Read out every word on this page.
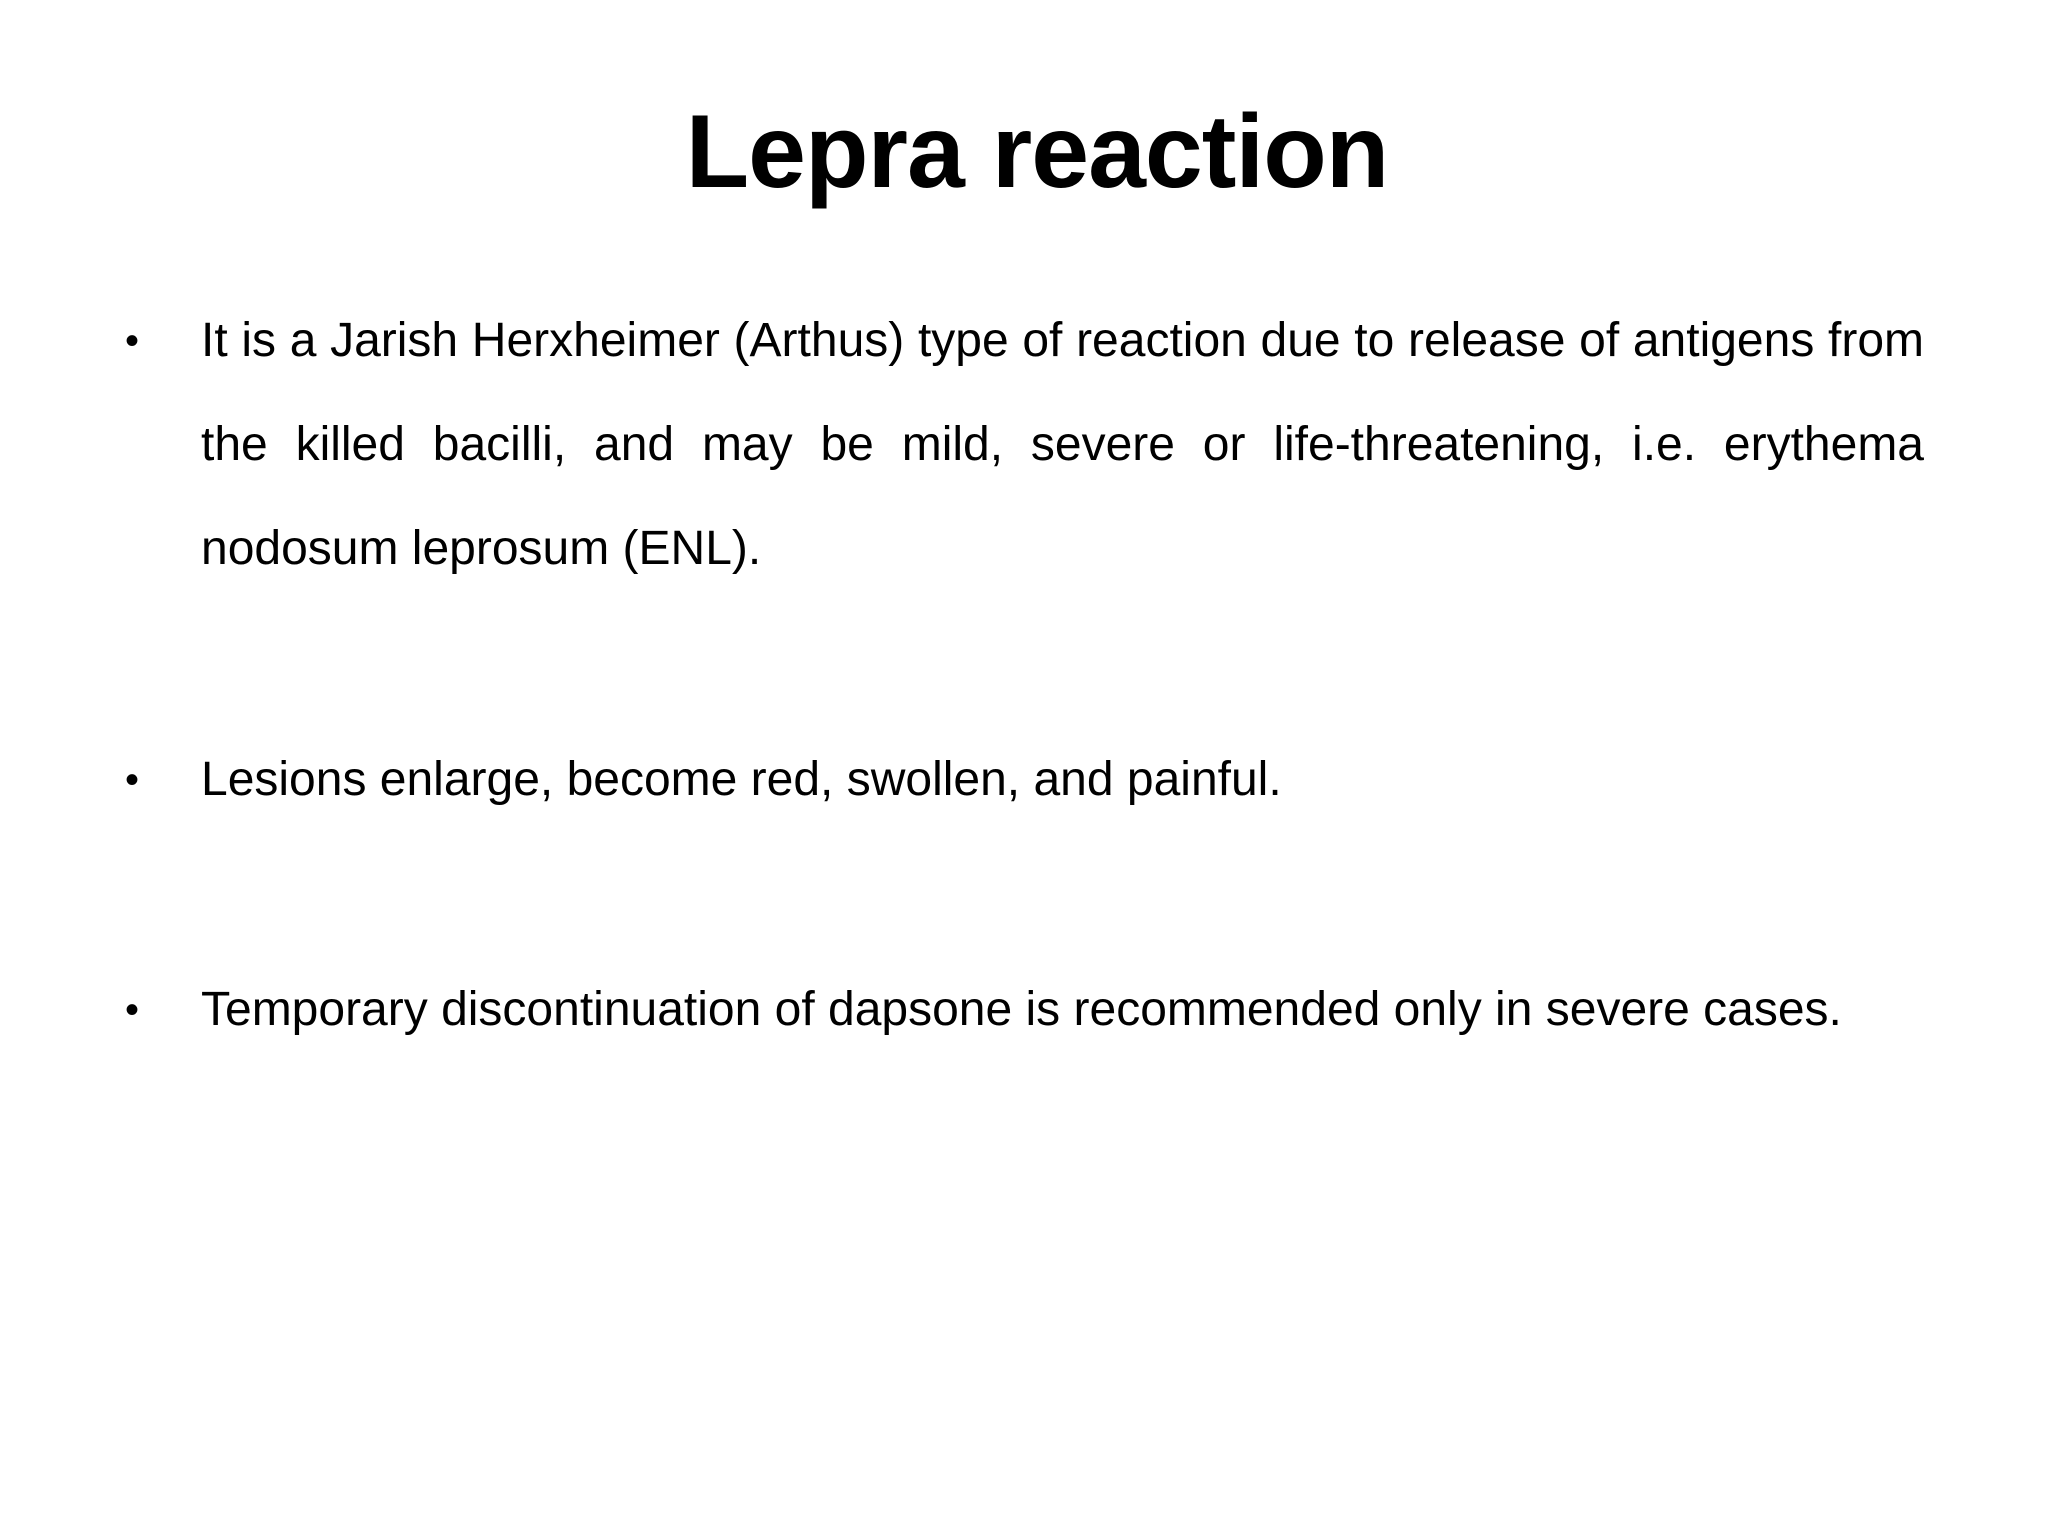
Lepra reaction
• It is a Jarish Herxheimer (Arthus) type of reaction due to release of antigens from the killed bacilli, and may be mild, severe or life-threatening, i.e. erythema nodosum leprosum (ENL).

• Lesions enlarge, become red, swollen, and painful.

• Temporary discontinuation of dapsone is recommended only in severe cases.
